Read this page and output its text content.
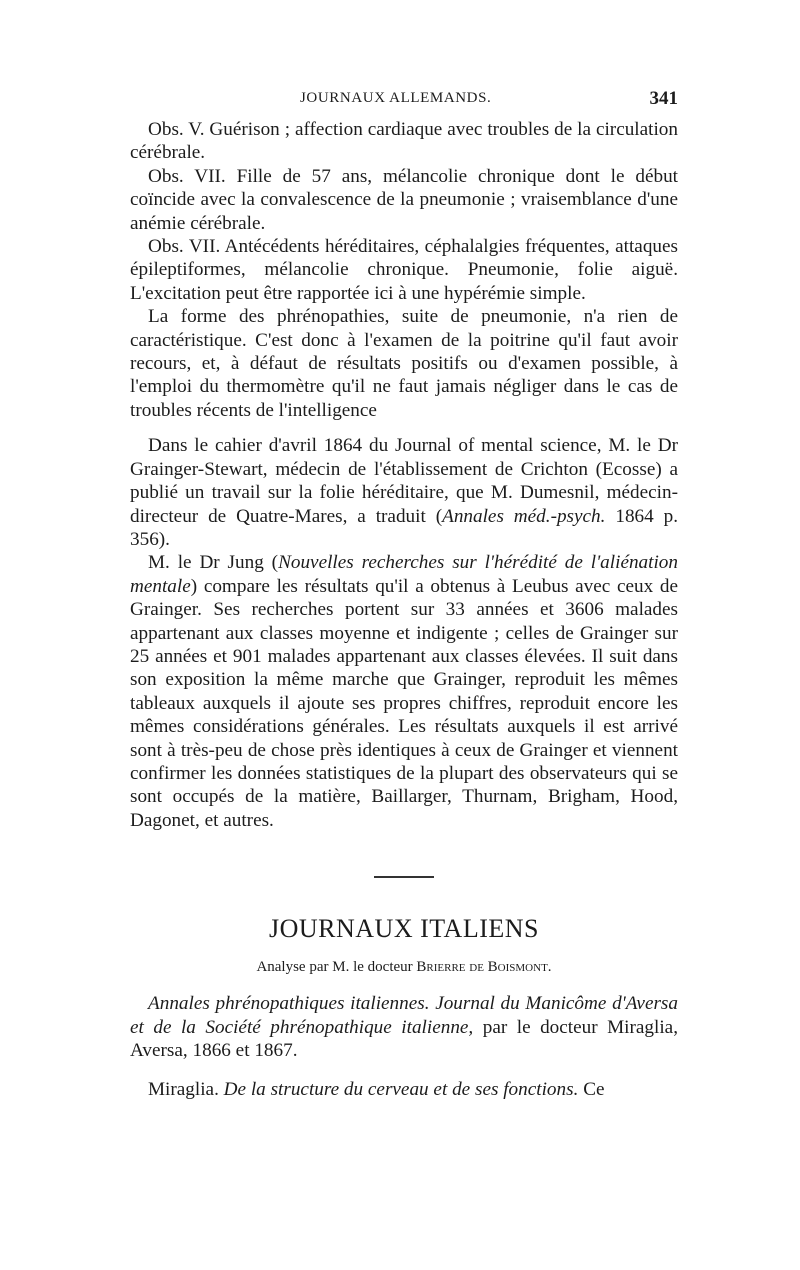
JOURNAUX ALLEMANDS.	341

Obs. V. Guérison ; affection cardiaque avec troubles de la circulation cérébrale.

Obs. VII. Fille de 57 ans, mélancolie chronique dont le début coïncide avec la convalescence de la pneumonie ; vraisemblance d'une anémie cérébrale.

Obs. VII. Antécédents héréditaires, céphalalgies fréquentes, attaques épileptiformes, mélancolie chronique. Pneumonie, folie aiguë. L'excitation peut être rapportée ici à une hypérémie simple.

La forme des phrénopathies, suite de pneumonie, n'a rien de caractéristique. C'est donc à l'examen de la poitrine qu'il faut avoir recours, et, à défaut de résultats positifs ou d'examen possible, à l'emploi du thermomètre qu'il ne faut jamais négliger dans le cas de troubles récents de l'intelligence

Dans le cahier d'avril 1864 du Journal of mental science, M. le Dr Grainger-Stewart, médecin de l'établissement de Crichton (Ecosse) a publié un travail sur la folie héréditaire, que M. Dumesnil, médecin-directeur de Quatre-Mares, a traduit (Annales méd.-psych. 1864 p. 356).

M. le Dr Jung (Nouvelles recherches sur l'hérédité de l'aliénation mentale) compare les résultats qu'il a obtenus à Leubus avec ceux de Grainger. Ses recherches portent sur 33 années et 3606 malades appartenant aux classes moyenne et indigente ; celles de Grainger sur 25 années et 901 malades appartenant aux classes élevées. Il suit dans son exposition la même marche que Grainger, reproduit les mêmes tableaux auxquels il ajoute ses propres chiffres, reproduit encore les mêmes considérations générales. Les résultats auxquels il est arrivé sont à très-peu de chose près identiques à ceux de Grainger et viennent confirmer les données statistiques de la plupart des observateurs qui se sont occupés de la matière, Baillarger, Thurnam, Brigham, Hood, Dagonet, et autres.

JOURNAUX ITALIENS
Analyse par M. le docteur Brierre de Boismont.

Annales phrénopathiques italiennes. Journal du Manicôme d'Aversa et de la Société phrénopathique italienne, par le docteur Miraglia, Aversa, 1866 et 1867.

Miraglia. De la structure du cerveau et de ses fonctions. Ce
